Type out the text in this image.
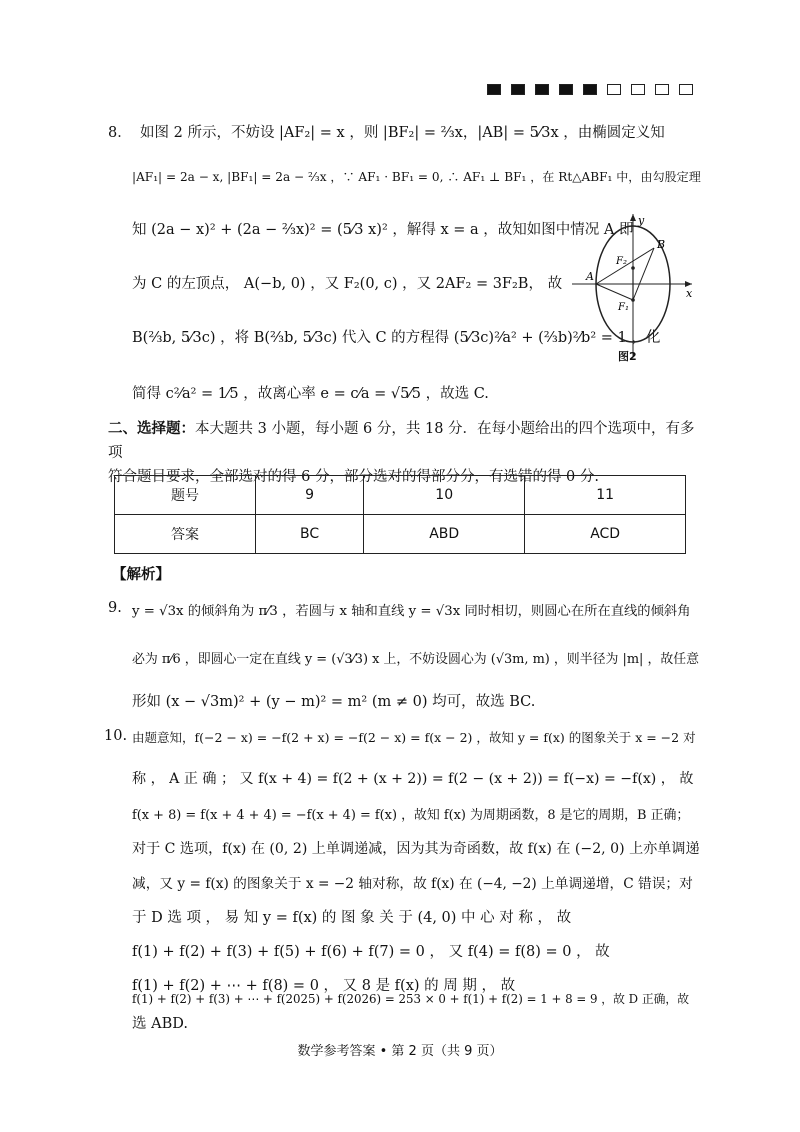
8． 如图 2 所示，不妨设 |AF₂| = x ，则 |BF₂| = ⅔x，|AB| = 5⁄3x ，由椭圆定义知
|AF₁| = 2a − x, |BF₁| = 2a − ⅔x ，∵ AF₁ · BF₁ = 0, ∴ AF₁ ⊥ BF₁ ，在 Rt△ABF₁ 中，由勾股定理
知 (2a − x)² + (2a − ⅔x)² = (5⁄3 x)² ，解得 x = a ，故知如图中情况 A 即
为 C 的左顶点， A(−b, 0) ，又 F₂(0, c) ，又 2AF₂ = 3F₂B， 故
B(⅔b, 5⁄3c) ，将 B(⅔b, 5⁄3c) 代入 C 的方程得 (5⁄3c)²⁄a² + (⅔b)²⁄b² = 1 ，化
简得 c²⁄a² = 1⁄5 ，故离心率 e = c⁄a = √5⁄5 ，故选 C.
y
x
A
B
F₂
F₁
图2
二、选择题：本大题共 3 小题，每小题 6 分，共 18 分．在每小题给出的四个选项中，有多项
符合题目要求，全部选对的得 6 分，部分选对的得部分分，有选错的得 0 分.
题号	9	10	11
答案	BC	ABD	ACD
【解析】
9. y = √3x 的倾斜角为 π⁄3 ，若圆与 x 轴和直线 y = √3x 同时相切，则圆心在所在直线的倾斜角
必为 π⁄6 ，即圆心一定在直线 y = (√3⁄3) x 上，不妨设圆心为 (√3m, m) ，则半径为 |m| ，故任意
形如 (x − √3m)² + (y − m)² = m² (m ≠ 0) 均可，故选 BC.
10. 由题意知，f(−2 − x) = −f(2 + x) = −f(2 − x) = f(x − 2) ，故知 y = f(x) 的图象关于 x = −2 对
称 ， A 正 确 ； 又 f(x + 4) = f(2 + (x + 2)) = f(2 − (x + 2)) = f(−x) = −f(x) ， 故
f(x + 8) = f(x + 4 + 4) = −f(x + 4) = f(x) ，故知 f(x) 为周期函数，8 是它的周期，B 正确；
对于 C 选项，f(x) 在 (0, 2) 上单调递减，因为其为奇函数，故 f(x) 在 (−2, 0) 上亦单调递
减，又 y = f(x) 的图象关于 x = −2 轴对称，故 f(x) 在 (−4, −2) 上单调递增，C 错误；对
于 D 选 项 ， 易 知 y = f(x) 的 图 象 关 于 (4, 0) 中 心 对 称 ， 故
f(1) + f(2) + f(3) + f(5) + f(6) + f(7) = 0 ， 又 f(4) = f(8) = 0 ， 故
f(1) + f(2) + ⋯ + f(8) = 0 ， 又 8 是 f(x) 的 周 期 ， 故
f(1) + f(2) + f(3) + ⋯ + f(2025) + f(2026) = 253 × 0 + f(1) + f(2) = 1 + 8 = 9 ，故 D 正确，故
数学参考答案 • 第 2 页（共 9 页）
选 ABD.
